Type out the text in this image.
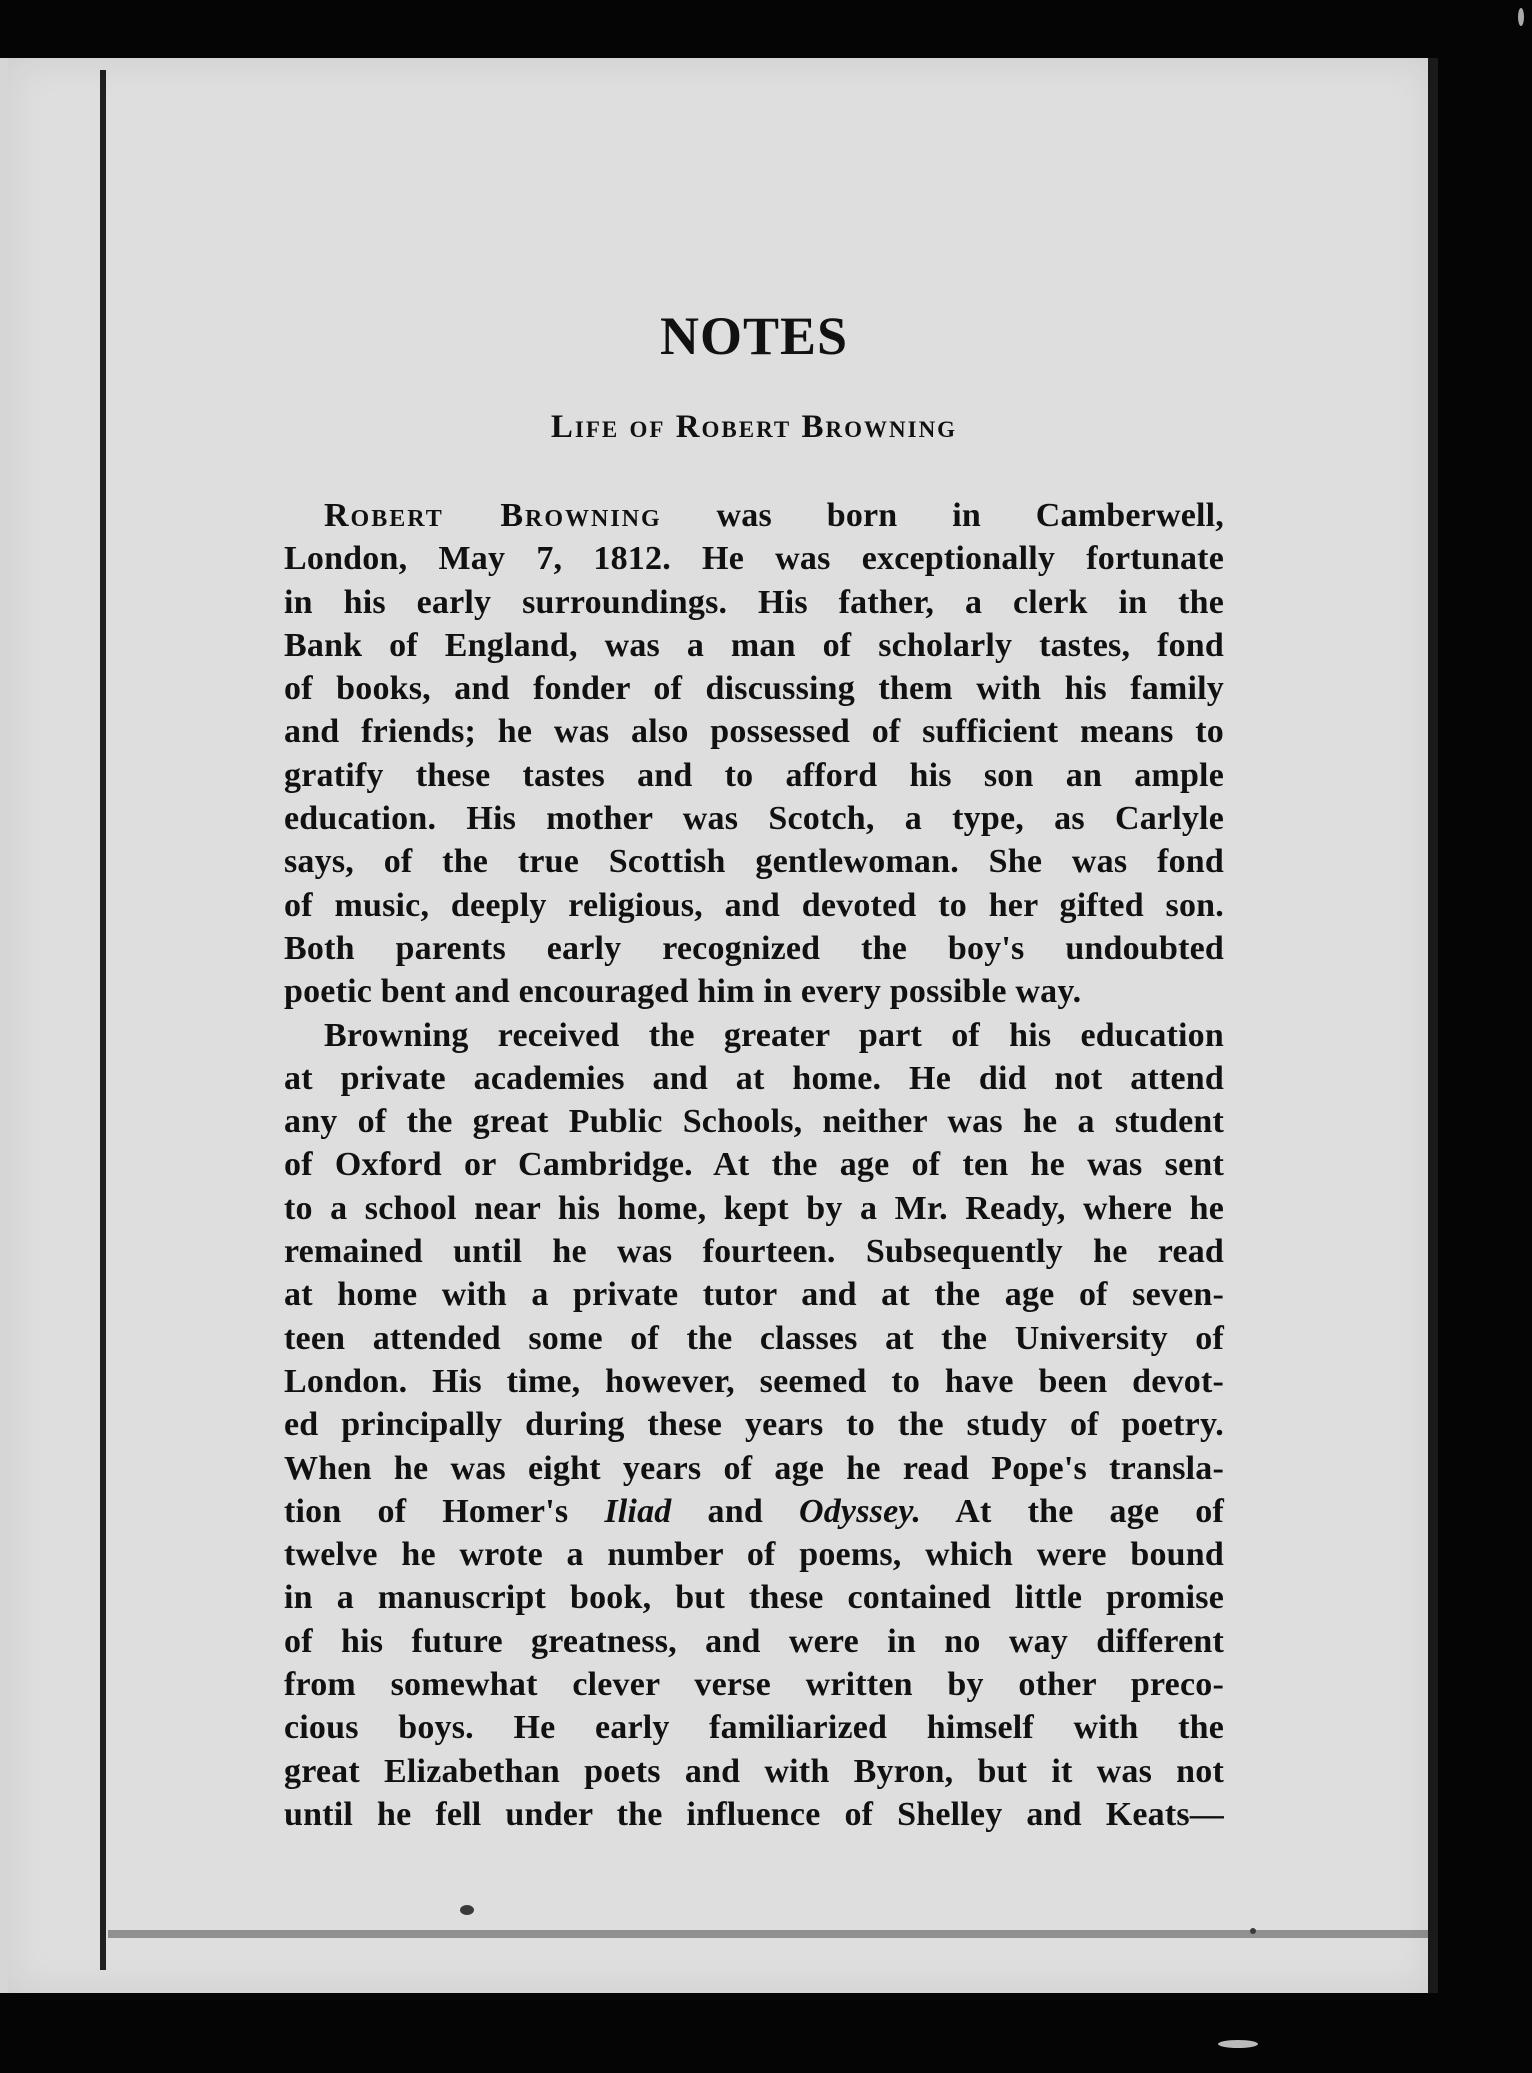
NOTES
Life of Robert Browning
Robert Browning was born in Camberwell,
London, May 7, 1812. He was exceptionally fortunate
in his early surroundings. His father, a clerk in the
Bank of England, was a man of scholarly tastes, fond
of books, and fonder of discussing them with his family
and friends; he was also possessed of sufficient means to
gratify these tastes and to afford his son an ample
education. His mother was Scotch, a type, as Carlyle
says, of the true Scottish gentlewoman. She was fond
of music, deeply religious, and devoted to her gifted son.
Both parents early recognized the boy's undoubted
poetic bent and encouraged him in every possible way.
Browning received the greater part of his education
at private academies and at home. He did not attend
any of the great Public Schools, neither was he a student
of Oxford or Cambridge. At the age of ten he was sent
to a school near his home, kept by a Mr. Ready, where he
remained until he was fourteen. Subsequently he read
at home with a private tutor and at the age of seven-
teen attended some of the classes at the University of
London. His time, however, seemed to have been devot-
ed principally during these years to the study of poetry.
When he was eight years of age he read Pope's transla-
tion of Homer's Iliad and Odyssey. At the age of
twelve he wrote a number of poems, which were bound
in a manuscript book, but these contained little promise
of his future greatness, and were in no way different
from somewhat clever verse written by other preco-
cious boys. He early familiarized himself with the
great Elizabethan poets and with Byron, but it was not
until he fell under the influence of Shelley and Keats—
